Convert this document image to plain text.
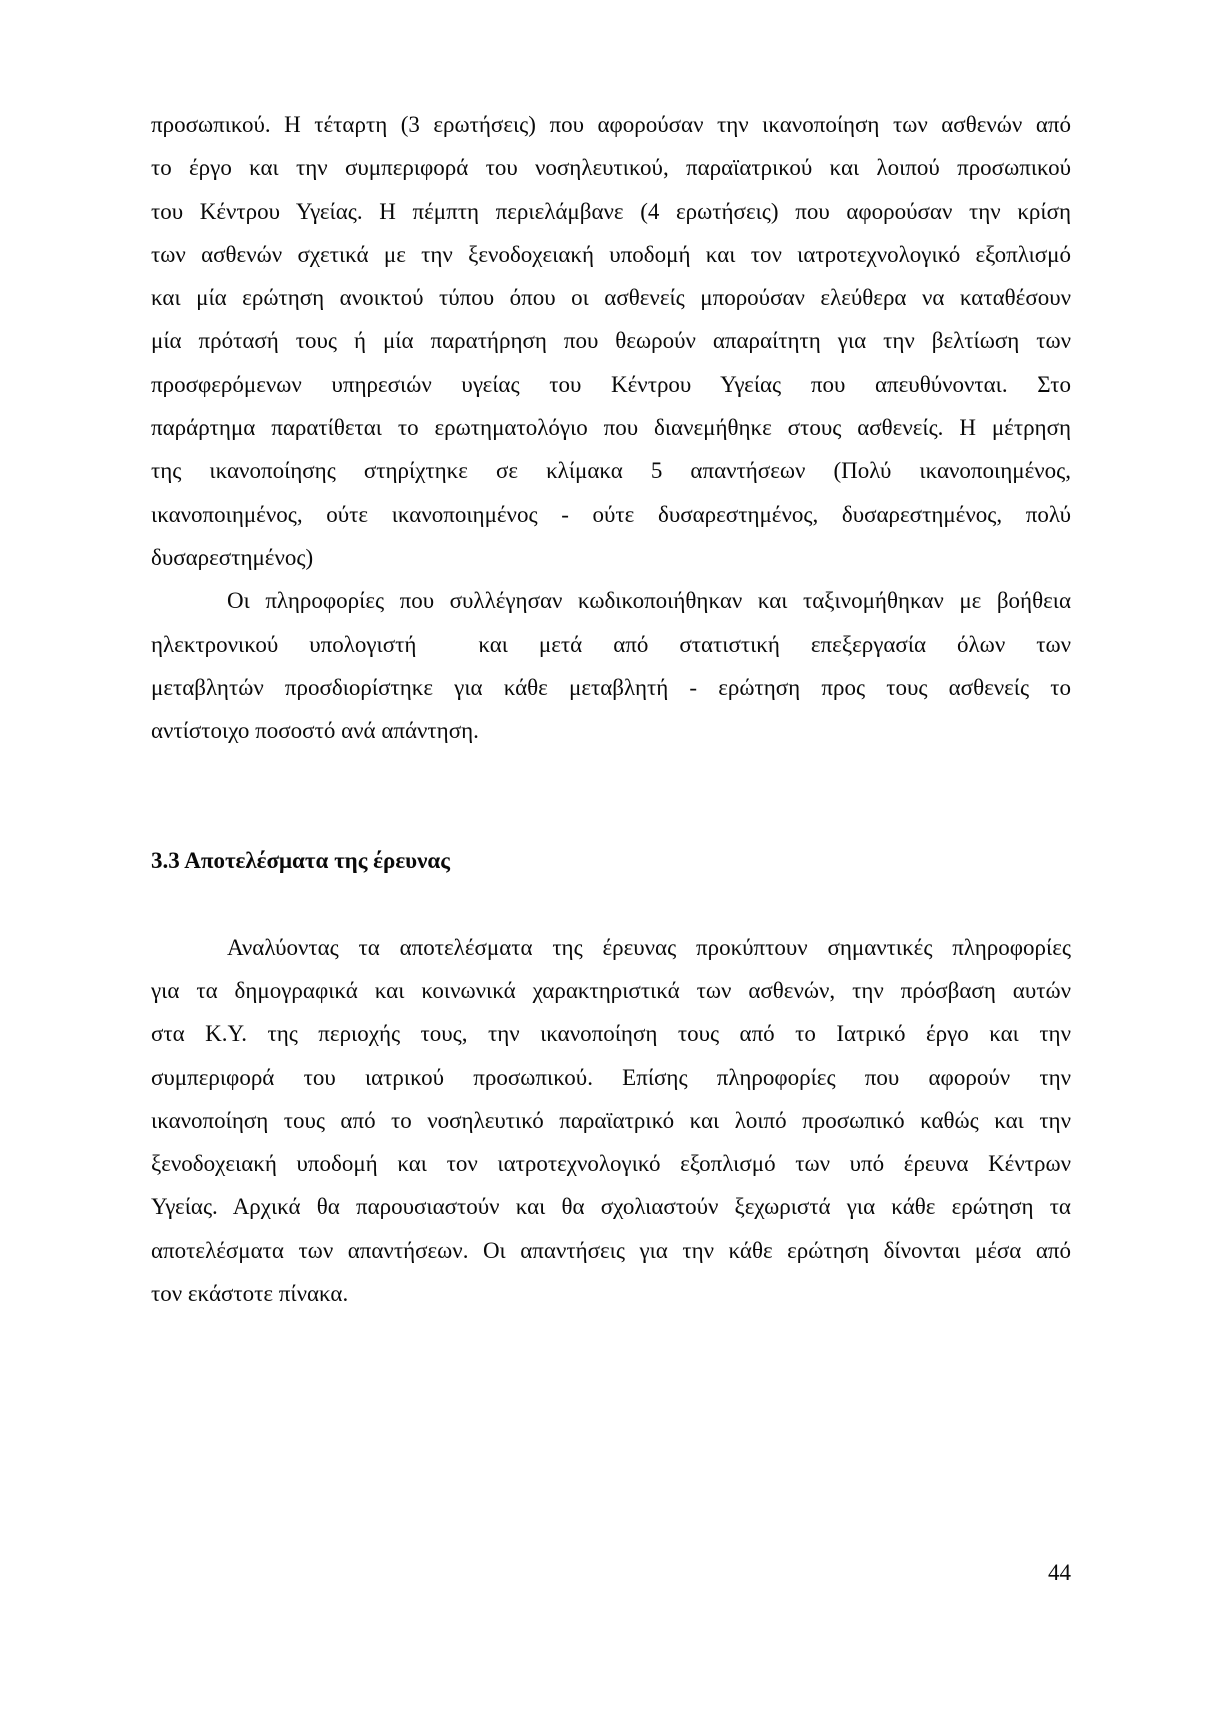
προσωπικού. Η τέταρτη (3 ερωτήσεις) που αφορούσαν την ικανοποίηση των ασθενών από
το έργο και την συμπεριφορά του νοσηλευτικού, παραϊατρικού και λοιπού προσωπικού
του Κέντρου Υγείας. Η πέμπτη περιελάμβανε (4 ερωτήσεις) που αφορούσαν την κρίση
των ασθενών σχετικά με την ξενοδοχειακή υποδομή και τον ιατροτεχνολογικό εξοπλισμό
και μία ερώτηση ανοικτού τύπου όπου οι ασθενείς μπορούσαν ελεύθερα να καταθέσουν
μία πρότασή τους ή μία παρατήρηση που θεωρούν απαραίτητη για την βελτίωση των
προσφερόμενων υπηρεσιών υγείας του Κέντρου Υγείας που απευθύνονται. Στο
παράρτημα παρατίθεται το ερωτηματολόγιο που διανεμήθηκε στους ασθενείς. Η μέτρηση
της ικανοποίησης στηρίχτηκε σε κλίμακα 5 απαντήσεων (Πολύ ικανοποιημένος,
ικανοποιημένος, ούτε ικανοποιημένος - ούτε δυσαρεστημένος, δυσαρεστημένος, πολύ
δυσαρεστημένος)
Οι πληροφορίες που συλλέγησαν κωδικοποιήθηκαν και ταξινομήθηκαν με βοήθεια
ηλεκτρονικού υπολογιστή  και μετά από στατιστική επεξεργασία όλων των
μεταβλητών προσδιορίστηκε για κάθε μεταβλητή - ερώτηση προς τους ασθενείς το
αντίστοιχο ποσοστό ανά απάντηση.
3.3 Αποτελέσματα της έρευνας
Αναλύοντας τα αποτελέσματα της έρευνας προκύπτουν σημαντικές πληροφορίες
για τα δημογραφικά και κοινωνικά χαρακτηριστικά των ασθενών, την πρόσβαση αυτών
στα Κ.Υ. της περιοχής τους, την ικανοποίηση τους από το Ιατρικό έργο και την
συμπεριφορά του ιατρικού προσωπικού. Επίσης πληροφορίες που αφορούν την
ικανοποίηση τους από το νοσηλευτικό παραϊατρικό και λοιπό προσωπικό καθώς και την
ξενοδοχειακή υποδομή και τον ιατροτεχνολογικό εξοπλισμό των υπό έρευνα Κέντρων
Υγείας. Αρχικά θα παρουσιαστούν και θα σχολιαστούν ξεχωριστά για κάθε ερώτηση τα
αποτελέσματα των απαντήσεων. Οι απαντήσεις για την κάθε ερώτηση δίνονται μέσα από
τον εκάστοτε πίνακα.
44
